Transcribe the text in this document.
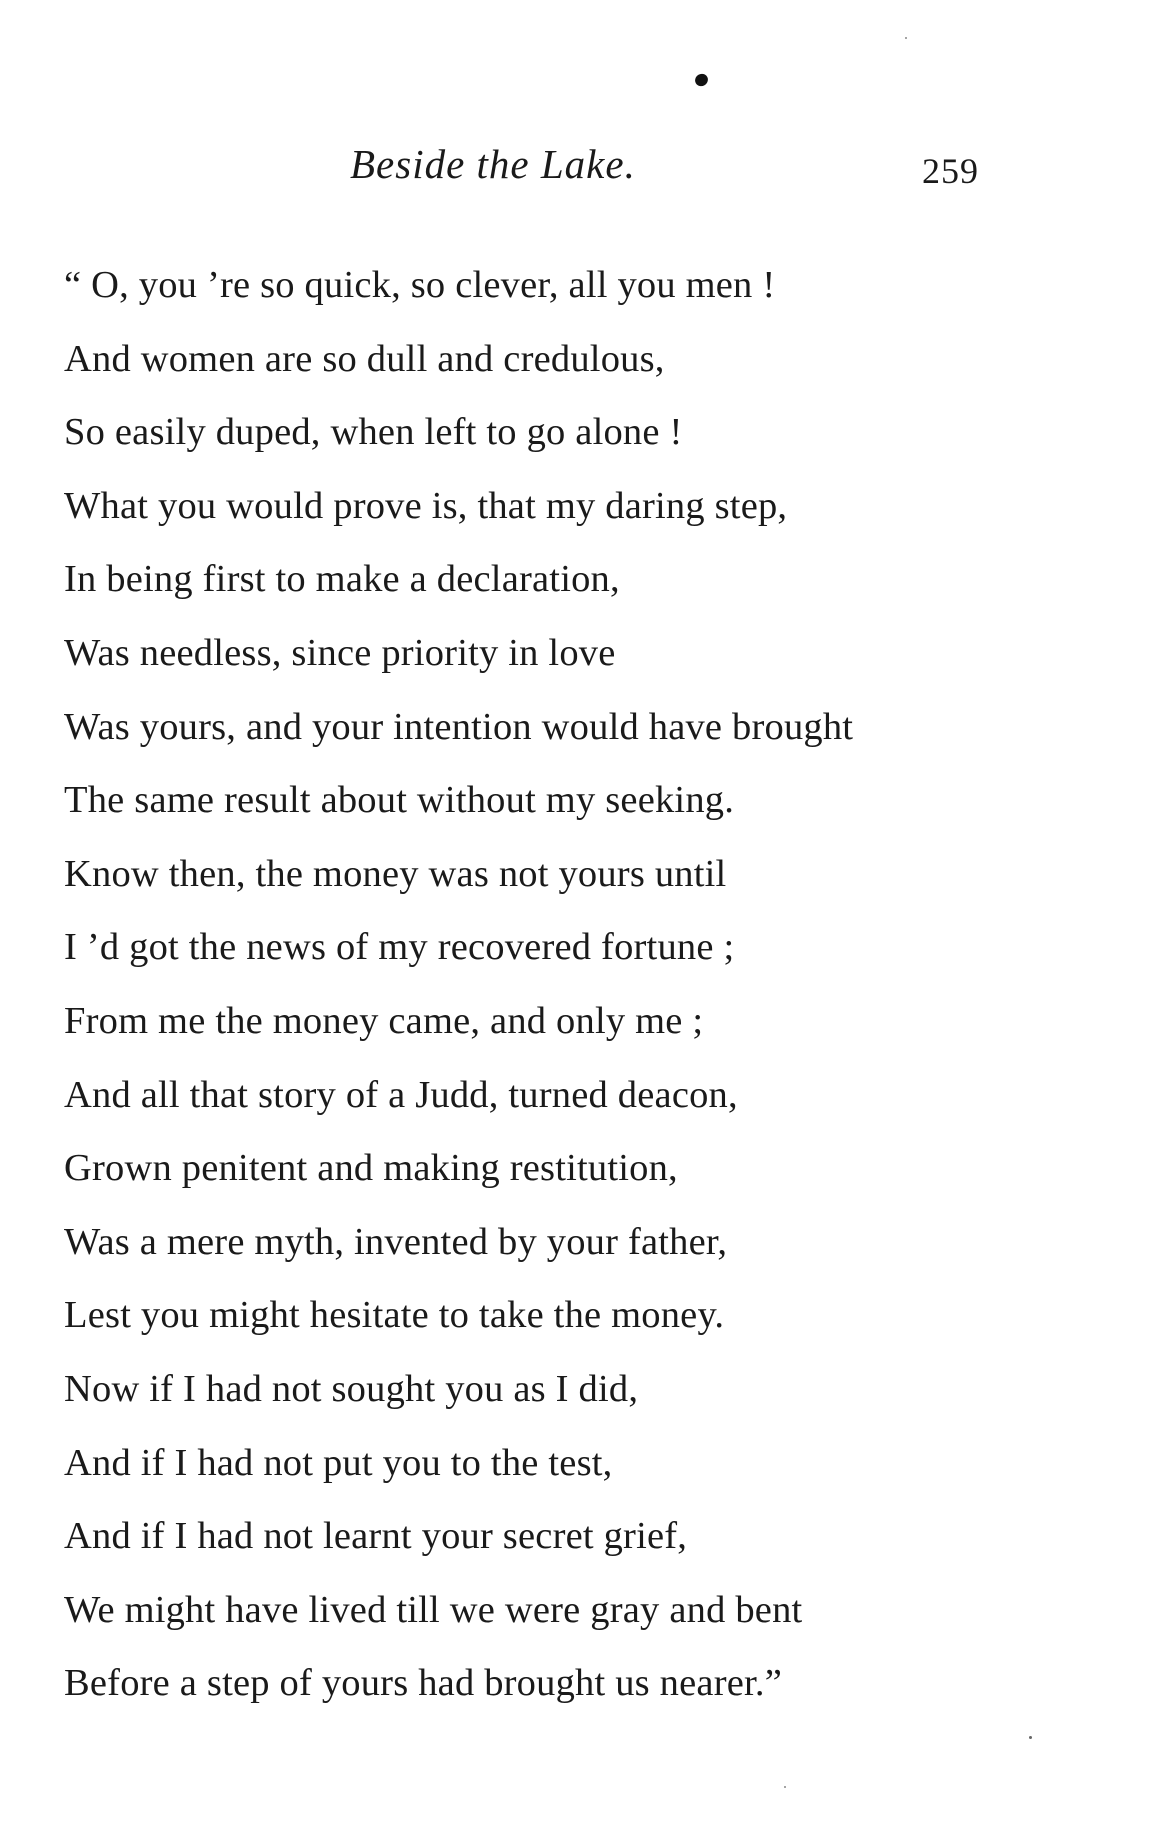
Beside the Lake.	259
“ O, you ’re so quick, so clever, all you men !
And women are so dull and credulous,
So easily duped, when left to go alone !
What you would prove is, that my daring step,
In being first to make a declaration,
Was needless, since priority in love
Was yours, and your intention would have brought
The same result about without my seeking.
Know then, the money was not yours until
I ’d got the news of my recovered fortune ;
From me the money came, and only me ;
And all that story of a Judd, turned deacon,
Grown penitent and making restitution,
Was a mere myth, invented by your father,
Lest you might hesitate to take the money.
Now if I had not sought you as I did,
And if I had not put you to the test,
And if I had not learnt your secret grief,
We might have lived till we were gray and bent
Before a step of yours had brought us nearer.”
